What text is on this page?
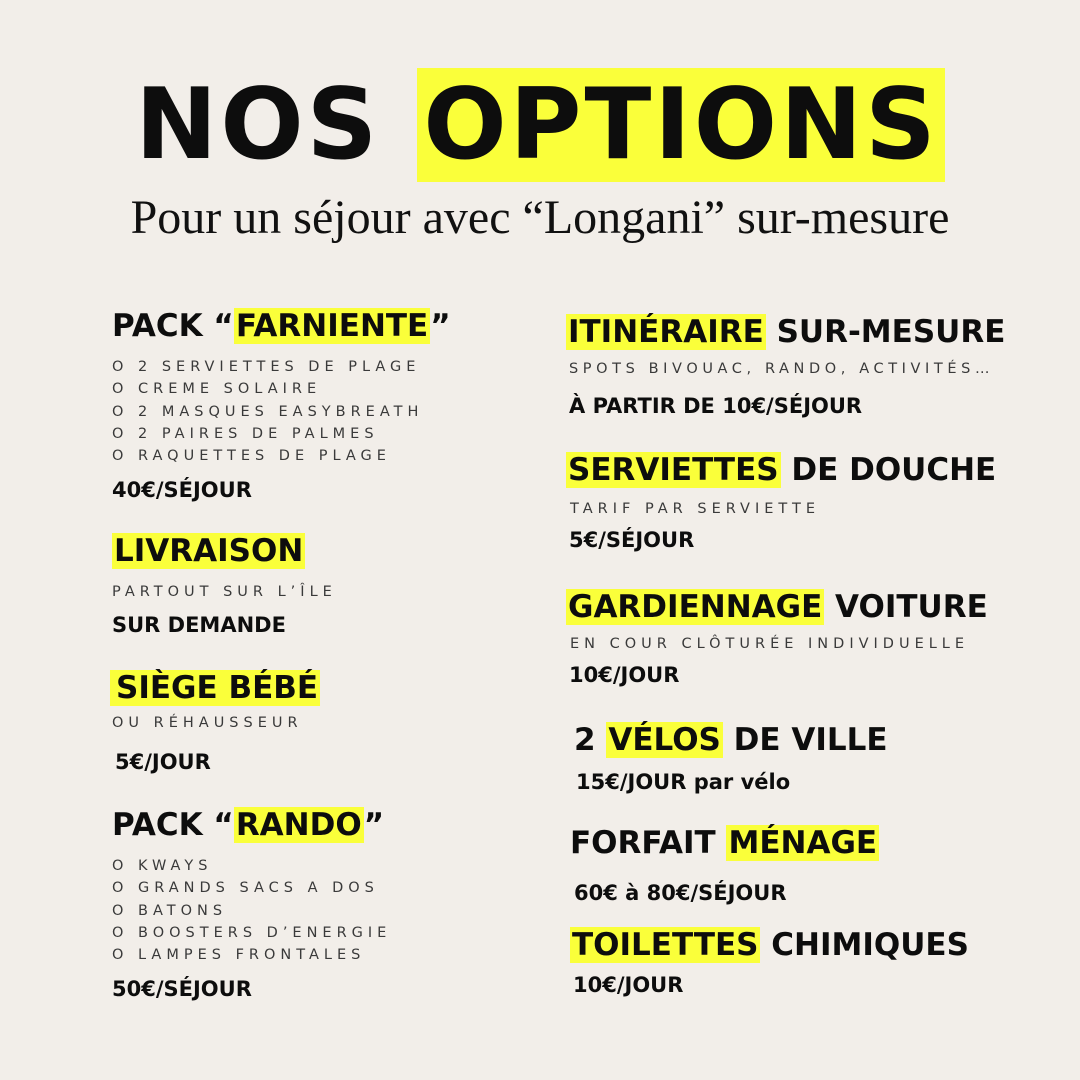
NOS OPTIONS
Pour un séjour avec “Longani” sur-mesure
PACK “FARNIENTE”
O 2 SERVIETTES DE PLAGE
O CREME SOLAIRE
O 2 MASQUES EASYBREATH
O 2 PAIRES DE PALMES
O RAQUETTES DE PLAGE

40€/SÉJOUR

LIVRAISON

PARTOUT SUR L’ÎLE

SUR DEMANDE

SIÈGE BÉBÉ

OU RÉHAUSSEUR

5€/JOUR

PACK “RANDO”
O KWAYS
O GRANDS SACS A DOS
O BATONS
O BOOSTERS D’ENERGIE
O LAMPES FRONTALES

50€/SÉJOUR

ITINÉRAIRE SUR-MESURE

SPOTS BIVOUAC, RANDO, ACTIVITÉS…

À PARTIR DE 10€/SÉJOUR

SERVIETTES DE DOUCHE

TARIF PAR SERVIETTE

5€/SÉJOUR

GARDIENNAGE VOITURE

EN COUR CLÔTURÉE INDIVIDUELLE

10€/JOUR

2 VÉLOS DE VILLE

15€/JOUR par vélo

FORFAIT MÉNAGE

60€ à 80€/SÉJOUR

TOILETTES CHIMIQUES

10€/JOUR
